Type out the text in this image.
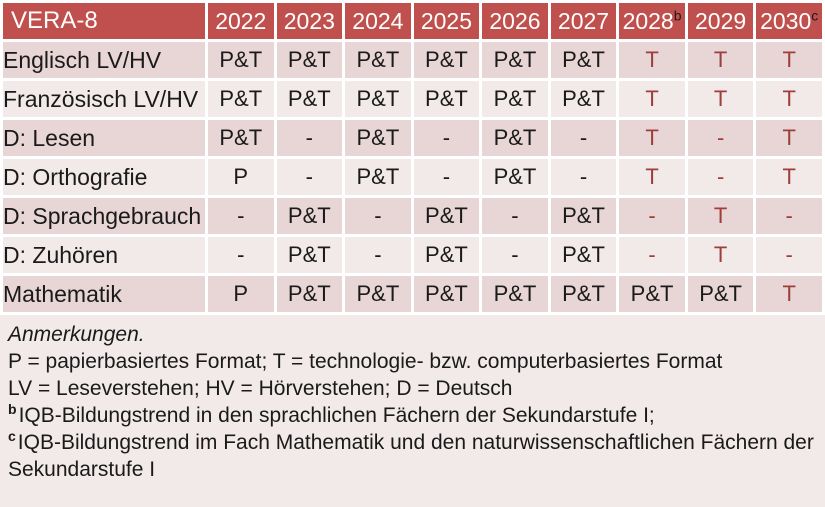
VERA-8	2022	2023	2024	2025	2026	2027	2028$^b$	2029	2030$^c$
Englisch LV/HV	P&T	P&T	P&T	P&T	P&T	P&T	T	T	T
Französisch LV/HV	P&T	P&T	P&T	P&T	P&T	P&T	T	T	T
D: Lesen	P&T	-	P&T	-	P&T	-	T	-	T
D: Orthografie	P	-	P&T	-	P&T	-	T	-	T
D: Sprachgebrauch	-	P&T	-	P&T	-	P&T	-	T	-
D: Zuhören	-	P&T	-	P&T	-	P&T	-	T	-
Mathematik	P	P&T	P&T	P&T	P&T	P&T	P&T	P&T	T
Anmerkungen.
P = papierbasiertes Format; T = technologie- bzw. computerbasiertes Format
LV = Leseverstehen; HV = Hörverstehen; D = Deutsch
$^b$IQB-Bildungstrend in den sprachlichen Fächern der Sekundarstufe I;
$^c$IQB-Bildungstrend im Fach Mathematik und den naturwissenschaftlichen Fächern der Sekundarstufe I
